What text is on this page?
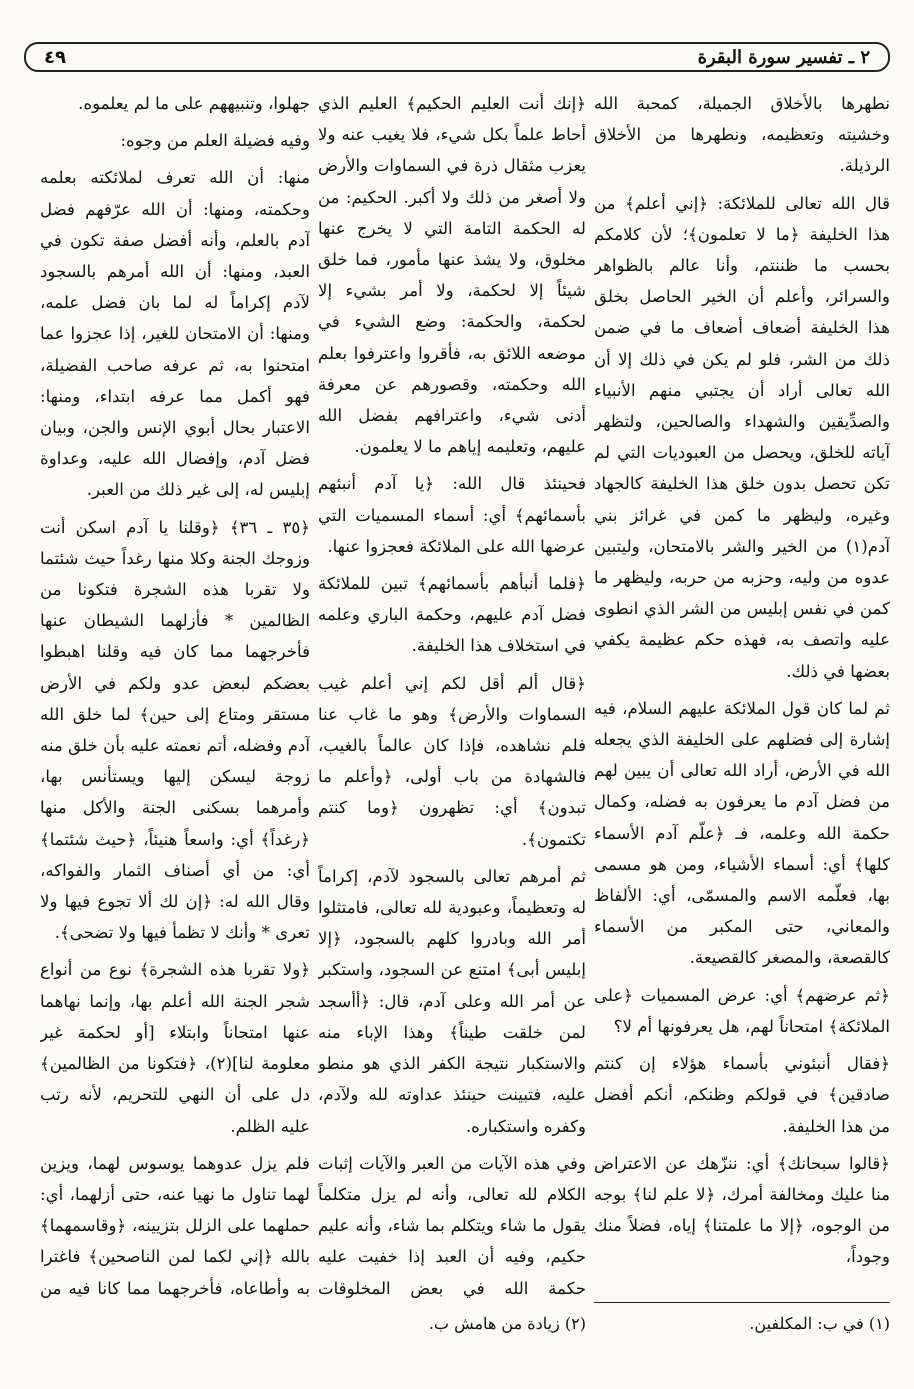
٢ ـ تفسير سورة البقرة
٤٩

نطهرها بالأخلاق الجميلة، كمحبة الله وخشيته وتعظيمه، ونطهرها من الأخلاق الرذيلة.

قال الله تعالى للملائكة: ﴿إني أعلم﴾ من هذا الخليفة ﴿ما لا تعلمون﴾؛ لأن كلامكم بحسب ما ظننتم، وأنا عالم بالظواهر والسرائر، وأعلم أن الخير الحاصل بخلق هذا الخليفة أضعاف أضعاف ما في ضمن ذلك من الشر، فلو لم يكن في ذلك إلا أن الله تعالى أراد أن يجتبي منهم الأنبياء والصدِّيقين والشهداء والصالحين، ولتظهر آياته للخلق، ويحصل من العبوديات التي لم تكن تحصل بدون خلق هذا الخليفة كالجهاد وغيره، وليظهر ما كمن في غرائز بني آدم(١) من الخير والشر بالامتحان، وليتبين عدوه من وليه، وحزبه من حربه، وليظهر ما كمن في نفس إبليس من الشر الذي انطوى عليه واتصف به، فهذه حكم عظيمة يكفي بعضها في ذلك.

ثم لما كان قول الملائكة عليهم السلام، فيه إشارة إلى فضلهم على الخليفة الذي يجعله الله في الأرض، أراد الله تعالى أن يبين لهم من فضل آدم ما يعرفون به فضله، وكمال حكمة الله وعلمه، فـ ﴿علّم آدم الأسماء كلها﴾ أي: أسماء الأشياء، ومن هو مسمى بها، فعلّمه الاسم والمسمّى، أي: الألفاظ والمعاني، حتى المكبر من الأسماء كالقصعة، والمصغر كالقصيعة.

﴿ثم عرضهم﴾ أي: عرض المسميات ﴿على الملائكة﴾ امتحاناً لهم، هل يعرفونها أم لا؟

﴿فقال أنبئوني بأسماء هؤلاء إن كنتم صادقين﴾ في قولكم وظنكم، أنكم أفضل من هذا الخليفة.

﴿قالوا سبحانك﴾ أي: ننزّهك عن الاعتراض منا عليك ومخالفة أمرك، ﴿لا علم لنا﴾ بوجه من الوجوه، ﴿إلا ما علمتنا﴾ إياه، فضلاً منك وجوداً،

﴿إنك أنت العليم الحكيم﴾ العليم الذي أحاط علماً بكل شيء، فلا يغيب عنه ولا يعزب مثقال ذرة في السماوات والأرض ولا أصغر من ذلك ولا أكبر. الحكيم: من له الحكمة التامة التي لا يخرج عنها مخلوق، ولا يشذ عنها مأمور، فما خلق شيئاً إلا لحكمة، ولا أمر بشيء إلا لحكمة، والحكمة: وضع الشيء في موضعه اللائق به، فأقروا واعترفوا بعلم الله وحكمته، وقصورهم عن معرفة أدنى شيء، واعترافهم بفضل الله عليهم، وتعليمه إياهم ما لا يعلمون.

فحينئذ قال الله: ﴿يا آدم أنبئهم بأسمائهم﴾ أي: أسماء المسميات التي عرضها الله على الملائكة فعجزوا عنها.

﴿فلما أنبأهم بأسمائهم﴾ تبين للملائكة فضل آدم عليهم، وحكمة الباري وعلمه في استخلاف هذا الخليفة.

﴿قال ألم أقل لكم إني أعلم غيب السماوات والأرض﴾ وهو ما غاب عنا فلم نشاهده، فإذا كان عالماً بالغيب، فالشهادة من باب أولى، ﴿وأعلم ما تبدون﴾ أي: تظهرون ﴿وما كنتم تكتمون﴾.

ثم أمرهم تعالى بالسجود لآدم، إكراماً له وتعظيماً، وعبودية لله تعالى، فامتثلوا أمر الله وبادروا كلهم بالسجود، ﴿إلا إبليس أبى﴾ امتنع عن السجود، واستكبر عن أمر الله وعلى آدم، قال: ﴿أأسجد لمن خلقت طيناً﴾ وهذا الإباء منه والاستكبار نتيجة الكفر الذي هو منطو عليه، فتبينت حينئذ عداوته لله ولآدم، وكفره واستكباره.

وفي هذه الآيات من العبر والآيات إثبات الكلام لله تعالى، وأنه لم يزل متكلماً يقول ما شاء ويتكلم بما شاء، وأنه عليم حكيم، وفيه أن العبد إذا خفيت عليه حكمة الله في بعض المخلوقات

جهلوا، وتنبيههم على ما لم يعلموه.

وفيه فضيلة العلم من وجوه:

منها: أن الله تعرف لملائكته بعلمه وحكمته، ومنها: أن الله عرّفهم فضل آدم بالعلم، وأنه أفضل صفة تكون في العبد، ومنها: أن الله أمرهم بالسجود لآدم إكراماً له لما بان فضل علمه، ومنها: أن الامتحان للغير، إذا عجزوا عما امتحنوا به، ثم عرفه صاحب الفضيلة، فهو أكمل مما عرفه ابتداء، ومنها: الاعتبار بحال أبوي الإنس والجن، وبيان فضل آدم، وإفضال الله عليه، وعداوة إبليس له، إلى غير ذلك من العبر.

﴿٣٥ ـ ٣٦﴾ ﴿وقلنا يا آدم اسكن أنت وزوجك الجنة وكلا منها رغداً حيث شئتما ولا تقربا هذه الشجرة فتكونا من الظالمين * فأزلهما الشيطان عنها فأخرجهما مما كان فيه وقلنا اهبطوا بعضكم لبعض عدو ولكم في الأرض مستقر ومتاع إلى حين﴾ لما خلق الله آدم وفضله، أتم نعمته عليه بأن خلق منه زوجة ليسكن إليها ويستأنس بها، وأمرهما بسكنى الجنة والأكل منها ﴿رغداً﴾ أي: واسعاً هنيئاً، ﴿حيث شئتما﴾ أي: من أي أصناف الثمار والفواكه، وقال الله له: ﴿إن لك ألا تجوع فيها ولا تعرى * وأنك لا تظمأ فيها ولا تضحى﴾.

﴿ولا تقربا هذه الشجرة﴾ نوع من أنواع شجر الجنة الله أعلم بها، وإنما نهاهما عنها امتحاناً وابتلاء [أو لحكمة غير معلومة لنا](٢)، ﴿فتكونا من الظالمين﴾ دل على أن النهي للتحريم، لأنه رتب عليه الظلم.

فلم يزل عدوهما يوسوس لهما، ويزين لهما تناول ما نهيا عنه، حتى أزلهما، أي: حملهما على الزلل بتزيينه، ﴿وقاسمهما﴾ بالله ﴿إني لكما لمن الناصحين﴾ فاغترا به وأطاعاه، فأخرجهما مما كانا فيه من

(١) في ب: المكلفين.
(٢) زيادة من هامش ب.
